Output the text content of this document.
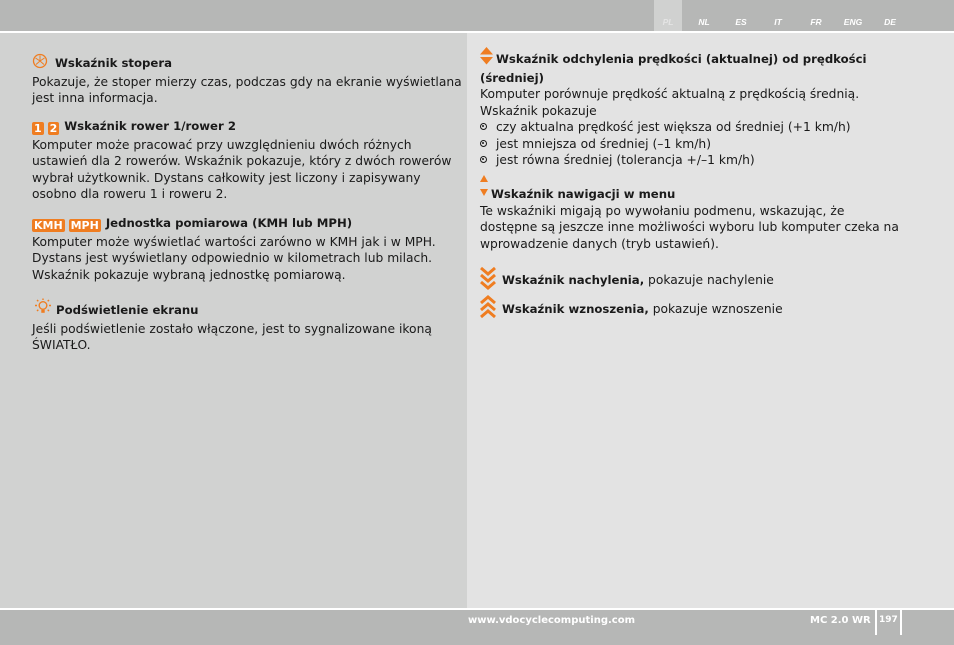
PL	NL	ES	IT	FR	ENG	DE
Wskaźnik stopera
Pokazuje, że stoper mierzy czas, podczas gdy na ekranie wyświetlana
jest inna informacja.
1 2 Wskaźnik rower 1/rower 2
Komputer może pracować przy uwzględnieniu dwóch różnych
ustawień dla 2 rowerów. Wskaźnik pokazuje, który z dwóch rowerów
wybrał użytkownik. Dystans całkowity jest liczony i zapisywany
osobno dla roweru 1 i roweru 2.
KMH MPH Jednostka pomiarowa (KMH lub MPH)
Komputer może wyświetlać wartości zarówno w KMH jak i w MPH.
Dystans jest wyświetlany odpowiednio w kilometrach lub milach.
Wskaźnik pokazuje wybraną jednostkę pomiarową.
Podświetlenie ekranu
Jeśli podświetlenie zostało włączone, jest to sygnalizowane ikoną
ŚWIATŁO.
Wskaźnik odchylenia prędkości (aktualnej) od prędkości
(średniej)
Komputer porównuje prędkość aktualną z prędkością średnią.
Wskaźnik pokazuje
czy aktualna prędkość jest większa od średniej (+1 km/h)
jest mniejsza od średniej (–1 km/h)
jest równa średniej (tolerancja +/–1 km/h)
Wskaźnik nawigacji w menu
Te wskaźniki migają po wywołaniu podmenu, wskazując, że
dostępne są jeszcze inne możliwości wyboru lub komputer czeka na
wprowadzenie danych (tryb ustawień).
Wskaźnik nachylenia, pokazuje nachylenie
Wskaźnik wznoszenia, pokazuje wznoszenie
www.vdocyclecomputing.com	MC 2.0 WR 197
